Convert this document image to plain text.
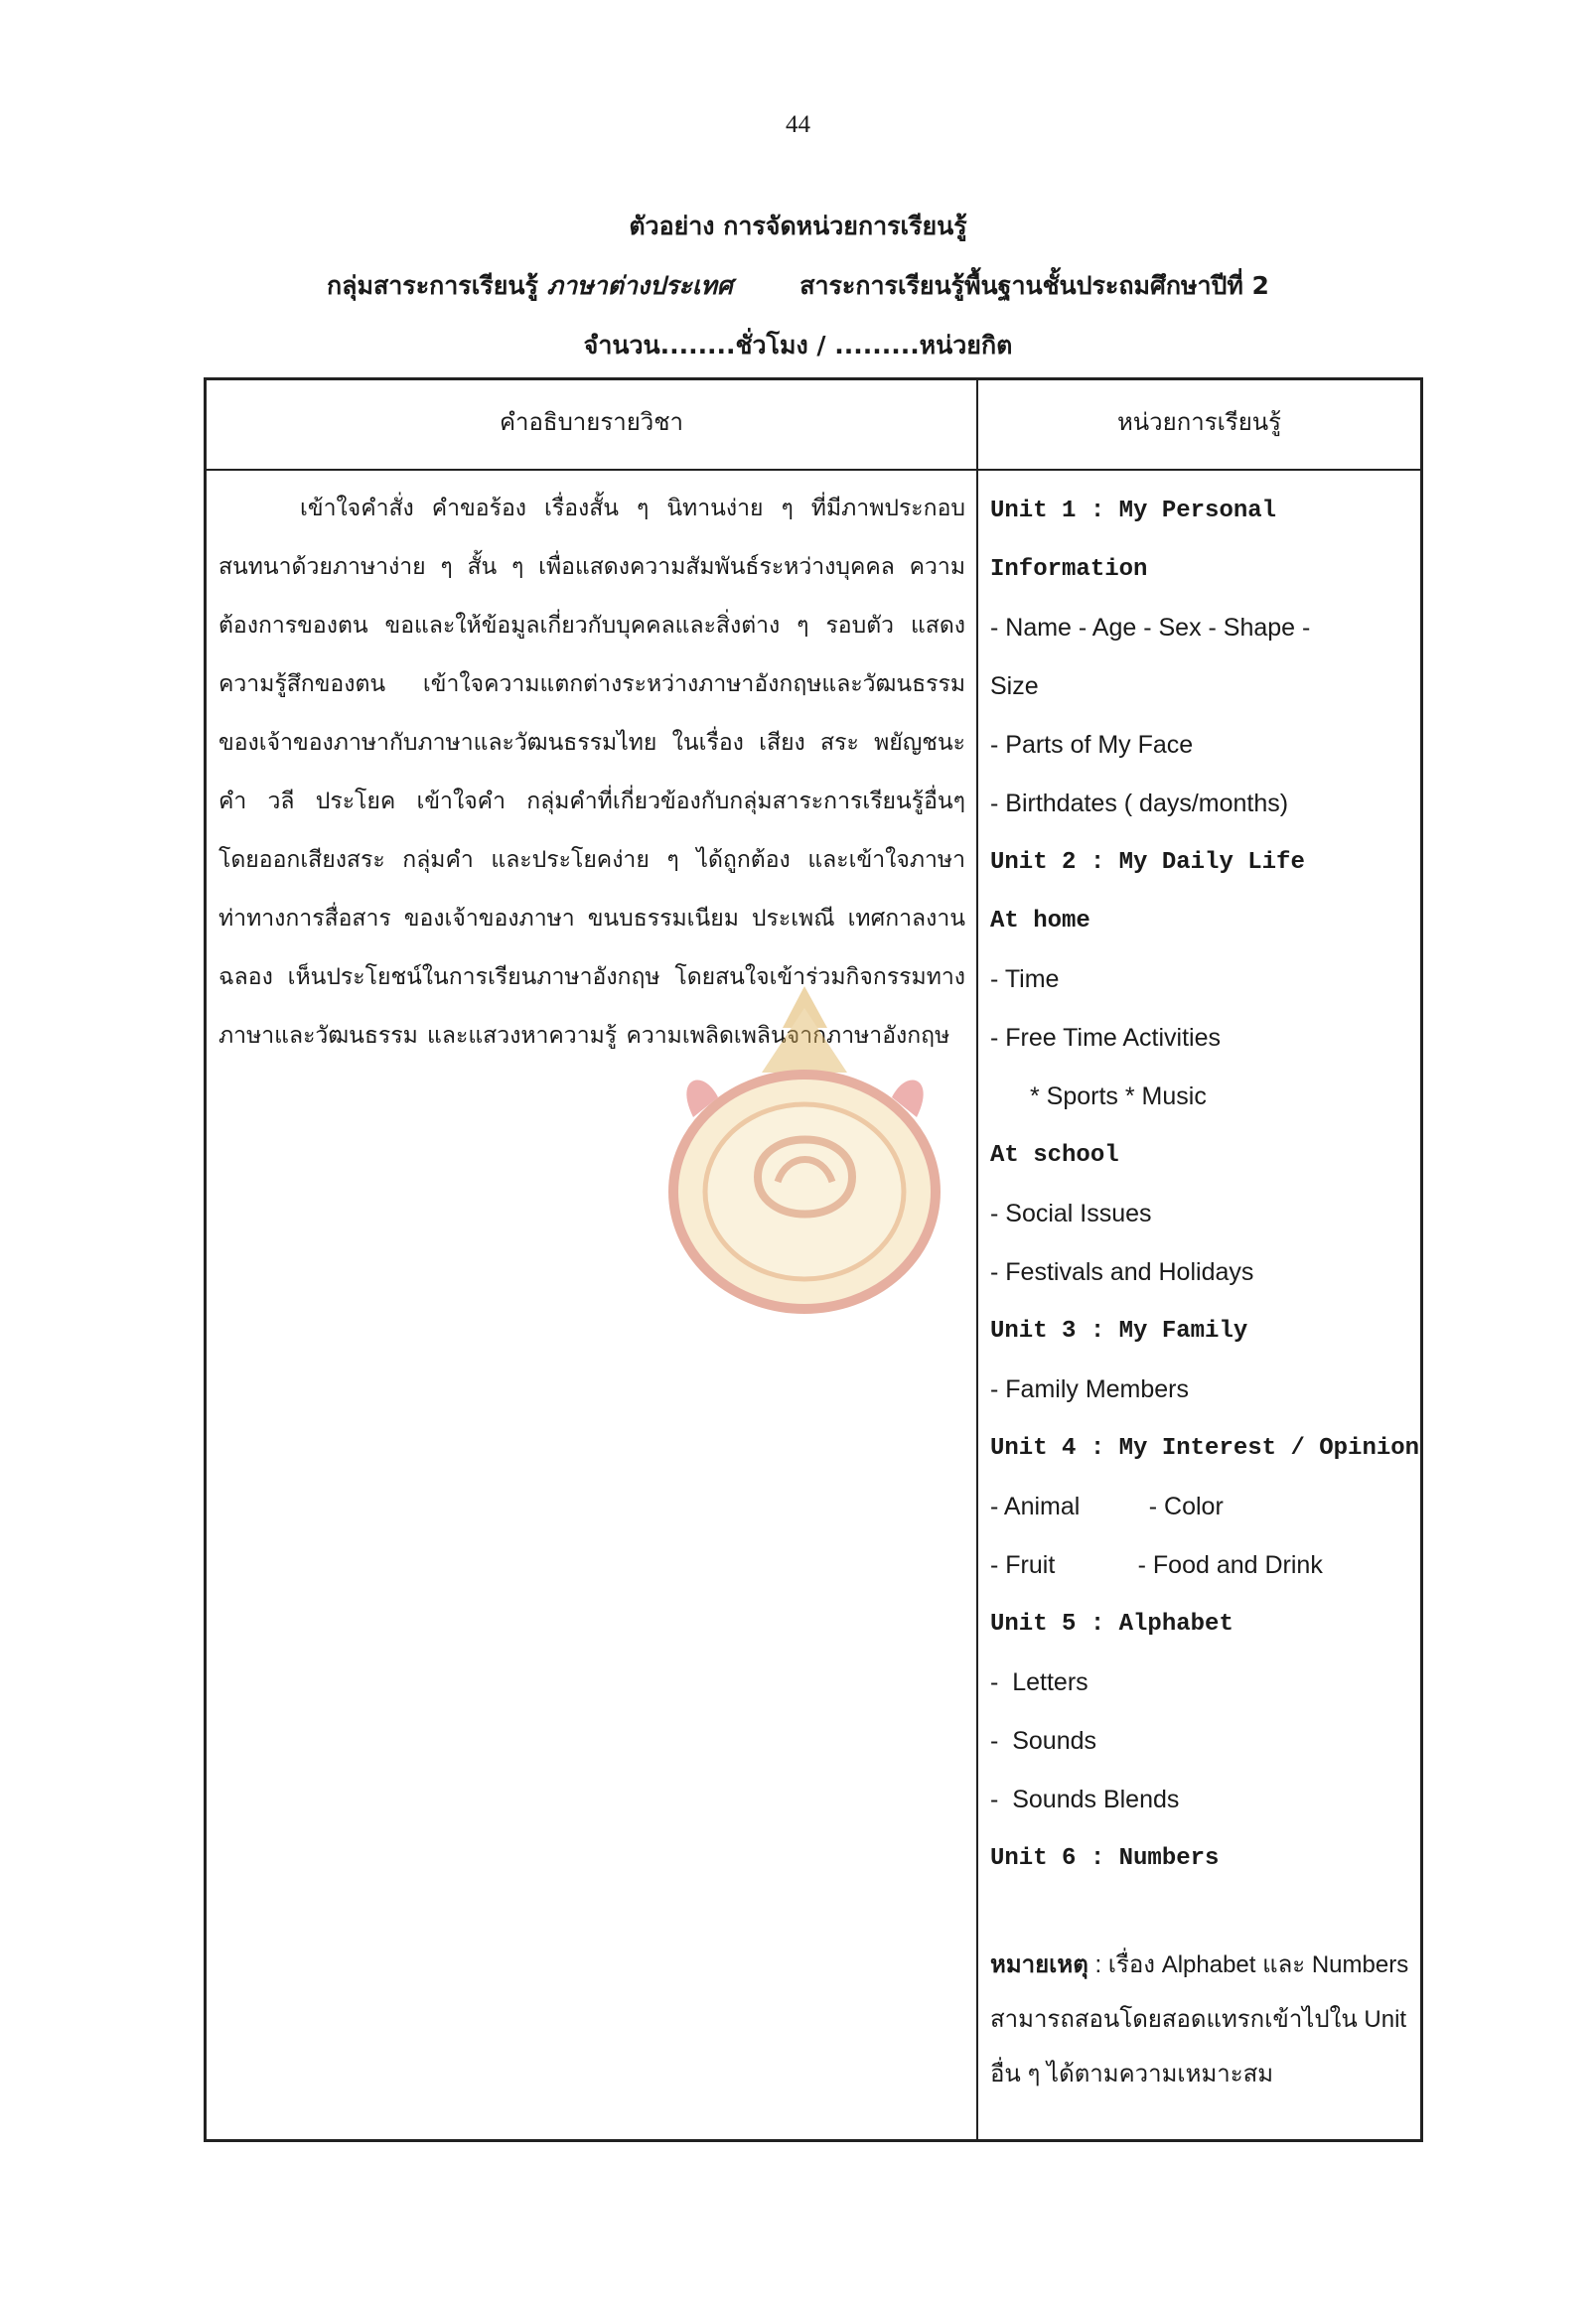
44
ตัวอย่าง การจัดหน่วยการเรียนรู้
กลุ่มสาระการเรียนรู้ ภาษาต่างประเทศ	สาระการเรียนรู้พื้นฐานชั้นประถมศึกษาปีที่ 2
จำนวน........ชั่วโมง / .........หน่วยกิต
คำอธิบายรายวิชา	หน่วยการเรียนรู้
เข้าใจคำสั่ง คำขอร้อง เรื่องสั้น ๆ นิทานง่าย ๆ ที่มีภาพประกอบ สนทนาด้วยภาษาง่าย ๆ สั้น ๆ เพื่อแสดงความสัมพันธ์ระหว่างบุคคล ความต้องการของตน ขอและให้ข้อมูลเกี่ยวกับบุคคลและสิ่งต่าง ๆ รอบตัว แสดงความรู้สึกของตน เข้าใจความแตกต่างระหว่างภาษาอังกฤษและวัฒนธรรมของเจ้าของภาษากับภาษาและวัฒนธรรมไทย ในเรื่อง เสียง สระ พยัญชนะ คำ วลี ประโยค เข้าใจคำ กลุ่มคำที่เกี่ยวข้องกับกลุ่มสาระการเรียนรู้อื่นๆ โดยออกเสียงสระ กลุ่มคำ และประโยคง่าย ๆ ได้ถูกต้อง และเข้าใจภาษาท่าทางการสื่อสาร ของเจ้าของภาษา ขนบธรรมเนียม ประเพณี เทศกาลงานฉลอง เห็นประโยชน์ในการเรียนภาษาอังกฤษ โดยสนใจเข้าร่วมกิจกรรมทางภาษาและวัฒนธรรม และแสวงหาความรู้ ความเพลิดเพลินจากภาษาอังกฤษ
Unit 1 : My Personal
Information
- Name - Age - Sex - Shape -
Size
- Parts of My Face
- Birthdates ( days/months)
Unit 2 : My Daily Life
At home
- Time
- Free Time Activities
* Sports * Music
At school
- Social Issues
- Festivals and Holidays
Unit 3 : My Family
- Family Members
Unit 4 : My Interest / Opinion
- Animal          - Color
- Fruit            - Food and Drink
Unit 5 : Alphabet
-  Letters
-  Sounds
-  Sounds Blends
Unit 6 : Numbers
หมายเหตุ : เรื่อง Alphabet และ Numbers สามารถสอนโดยสอดแทรกเข้าไปใน Unit อื่น ๆ ได้ตามความเหมาะสม
